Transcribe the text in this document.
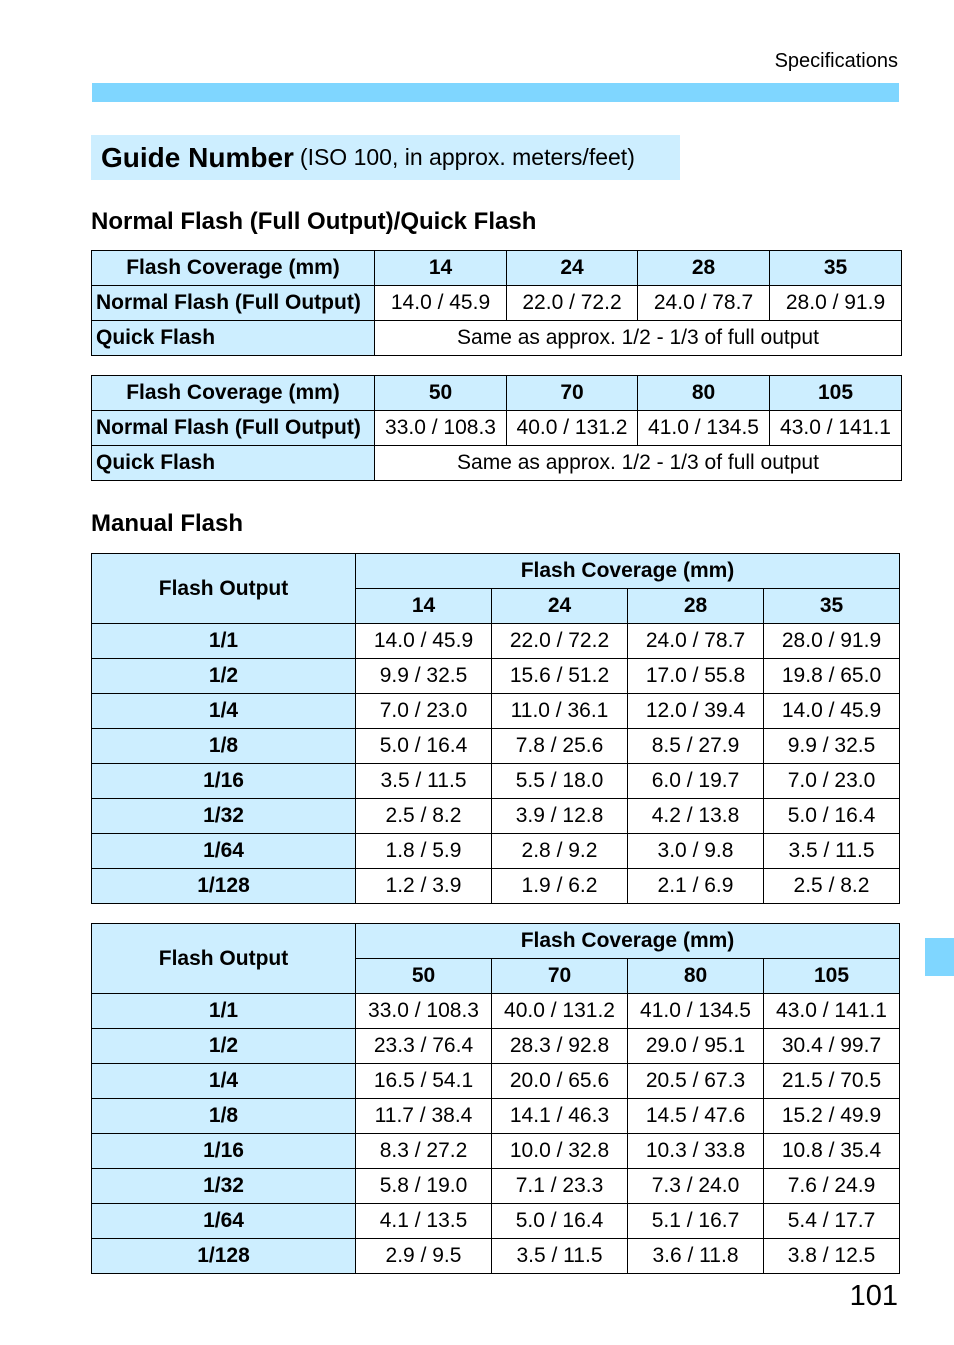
Specifications
Guide Number (ISO 100, in approx. meters/feet)
Normal Flash (Full Output)/Quick Flash
Flash Coverage (mm)	14	24	28	35
Normal Flash (Full Output)	14.0 / 45.9	22.0 / 72.2	24.0 / 78.7	28.0 / 91.9
Quick Flash	Same as approx. 1/2 - 1/3 of full output			
Flash Coverage (mm)	50	70	80	105
Normal Flash (Full Output)	33.0 / 108.3	40.0 / 131.2	41.0 / 134.5	43.0 / 141.1
Quick Flash	Same as approx. 1/2 - 1/3 of full output			
Manual Flash
Flash Output	Flash Coverage (mm)			
	14	24	28	35
1/1	14.0 / 45.9	22.0 / 72.2	24.0 / 78.7	28.0 / 91.9
1/2	9.9 / 32.5	15.6 / 51.2	17.0 / 55.8	19.8 / 65.0
1/4	7.0 / 23.0	11.0 / 36.1	12.0 / 39.4	14.0 / 45.9
1/8	5.0 / 16.4	7.8 / 25.6	8.5 / 27.9	9.9 / 32.5
1/16	3.5 / 11.5	5.5 / 18.0	6.0 / 19.7	7.0 / 23.0
1/32	2.5 / 8.2	3.9 / 12.8	4.2 / 13.8	5.0 / 16.4
1/64	1.8 / 5.9	2.8 / 9.2	3.0 / 9.8	3.5 / 11.5
1/128	1.2 / 3.9	1.9 / 6.2	2.1 / 6.9	2.5 / 8.2
Flash Output	Flash Coverage (mm)			
	50	70	80	105
1/1	33.0 / 108.3	40.0 / 131.2	41.0 / 134.5	43.0 / 141.1
1/2	23.3 / 76.4	28.3 / 92.8	29.0 / 95.1	30.4 / 99.7
1/4	16.5 / 54.1	20.0 / 65.6	20.5 / 67.3	21.5 / 70.5
1/8	11.7 / 38.4	14.1 / 46.3	14.5 / 47.6	15.2 / 49.9
1/16	8.3 / 27.2	10.0 / 32.8	10.3 / 33.8	10.8 / 35.4
1/32	5.8 / 19.0	7.1 / 23.3	7.3 / 24.0	7.6 / 24.9
1/64	4.1 / 13.5	5.0 / 16.4	5.1 / 16.7	5.4 / 17.7
1/128	2.9 / 9.5	3.5 / 11.5	3.6 / 11.8	3.8 / 12.5
101
